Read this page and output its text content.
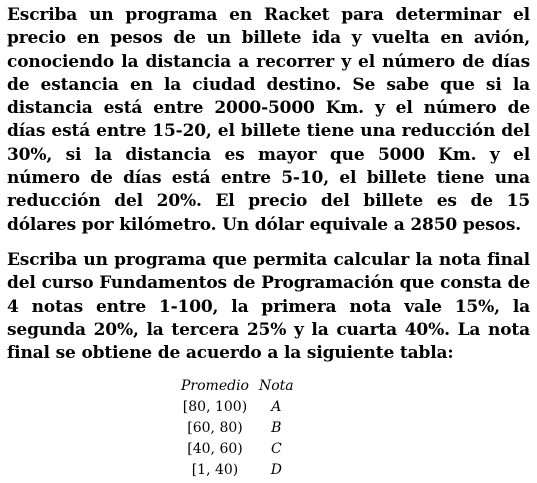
Escriba un programa en Racket para determinar el precio en pesos de un billete ida y vuelta en avión, conociendo la distancia a recorrer y el número de días de estancia en la ciudad destino. Se sabe que si la distancia está entre 2000-5000 Km. y el número de días está entre 15-20, el billete tiene una reducción del 30%, si la distancia es mayor que 5000 Km. y el número de días está entre 5-10, el billete tiene una reducción del 20%. El precio del billete es de 15 dólares por kilómetro. Un dólar equivale a 2850 pesos.

Escriba un programa que permita calcular la nota final del curso Fundamentos de Programación que consta de 4 notas entre 1-100, la primera nota vale 15%, la segunda 20%, la tercera 25% y la cuarta 40%. La nota final se obtiene de acuerdo a la siguiente tabla:

Promedio	Nota
[80, 100)	A
[60, 80)	B
[40, 60)	C
[1, 40)	D
